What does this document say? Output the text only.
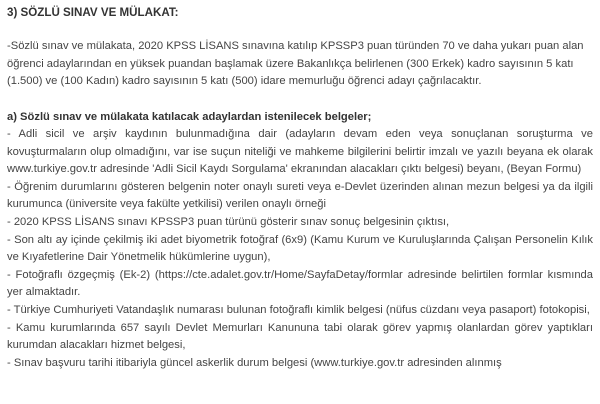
3) SÖZLÜ SINAV VE MÜLAKAT:
-Sözlü sınav ve mülakata, 2020 KPSS LİSANS sınavına katılıp KPSSP3 puan türünden 70 ve daha yukarı puan alan öğrenci adaylarından en yüksek puandan başlamak üzere Bakanlıkça belirlenen (300 Erkek) kadro sayısının 5 katı (1.500) ve (100 Kadın) kadro sayısının 5 katı (500) idare memurluğu öğrenci adayı çağrılacaktır.
a) Sözlü sınav ve mülakata katılacak adaylardan istenilecek belgeler;
- Adli sicil ve arşiv kaydının bulunmadığına dair (adayların devam eden veya sonuçlanan soruşturma ve kovuşturmaların olup olmadığını, var ise suçun niteliği ve mahkeme bilgilerini belirtir imzalı ve yazılı beyana ek olarak www.turkiye.gov.tr adresinde 'Adli Sicil Kaydı Sorgulama' ekranından alacakları çıktı belgesi) beyanı, (Beyan Formu)
- Öğrenim durumlarını gösteren belgenin noter onaylı sureti veya e-Devlet üzerinden alınan mezun belgesi ya da ilgili kurumunca (üniversite veya fakülte yetkilisi) verilen onaylı örneği
- 2020 KPSS LİSANS sınavı KPSSP3 puan türünü gösterir sınav sonuç belgesinin çıktısı,
- Son altı ay içinde çekilmiş iki adet biyometrik fotoğraf (6x9) (Kamu Kurum ve Kuruluşlarında Çalışan Personelin Kılık ve Kıyafetlerine Dair Yönetmelik hükümlerine uygun),
- Fotoğraflı özgeçmiş (Ek-2) (https://cte.adalet.gov.tr/Home/SayfaDetay/formlar adresinde belirtilen formlar kısmında yer almaktadır.
- Türkiye Cumhuriyeti Vatandaşlık numarası bulunan fotoğraflı kimlik belgesi (nüfus cüzdanı veya pasaport) fotokopisi,
- Kamu kurumlarında 657 sayılı Devlet Memurları Kanununa tabi olarak görev yapmış olanlardan görev yaptıkları kurumdan alacakları hizmet belgesi,
- Sınav başvuru tarihi itibariyla güncel askerlik durum belgesi (www.turkiye.gov.tr adresinden alınmış
